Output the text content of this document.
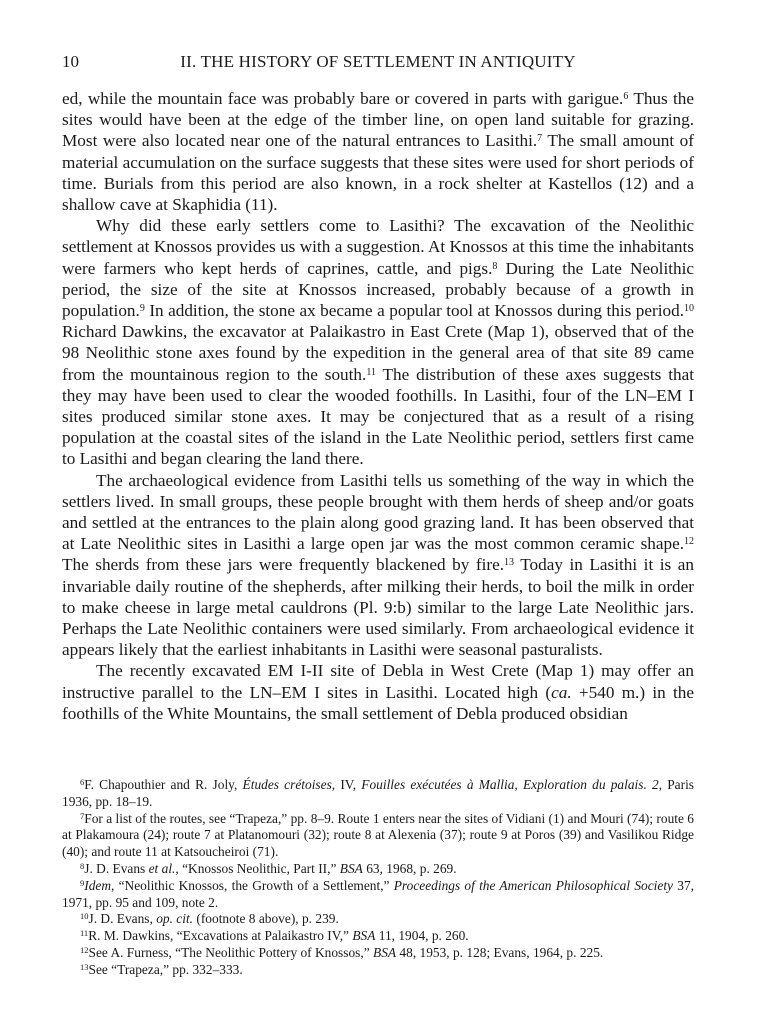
10	II. THE HISTORY OF SETTLEMENT IN ANTIQUITY

ed, while the mountain face was probably bare or covered in parts with garigue.$^6$ Thus the sites would have been at the edge of the timber line, on open land suitable for grazing. Most were also located near one of the natural entrances to Lasithi.$^7$ The small amount of material accumulation on the surface suggests that these sites were used for short periods of time. Burials from this period are also known, in a rock shelter at Kastellos (12) and a shallow cave at Skaphidia (11).

Why did these early settlers come to Lasithi? The excavation of the Neolithic settlement at Knossos provides us with a suggestion. At Knossos at this time the inhabitants were farmers who kept herds of caprines, cattle, and pigs.$^8$ During the Late Neolithic period, the size of the site at Knossos increased, probably because of a growth in population.$^9$ In addition, the stone ax became a popular tool at Knossos during this period.$^{10}$ Richard Dawkins, the excavator at Palaikastro in East Crete (Map 1), observed that of the 98 Neolithic stone axes found by the expedition in the general area of that site 89 came from the mountainous region to the south.$^{11}$ The distribution of these axes suggests that they may have been used to clear the wooded foothills. In Lasithi, four of the LN–EM I sites produced similar stone axes. It may be conjectured that as a result of a rising population at the coastal sites of the island in the Late Neolithic period, settlers first came to Lasithi and began clearing the land there.

The archaeological evidence from Lasithi tells us something of the way in which the settlers lived. In small groups, these people brought with them herds of sheep and/or goats and settled at the entrances to the plain along good grazing land. It has been observed that at Late Neolithic sites in Lasithi a large open jar was the most common ceramic shape.$^{12}$ The sherds from these jars were frequently blackened by fire.$^{13}$ Today in Lasithi it is an invariable daily routine of the shepherds, after milking their herds, to boil the milk in order to make cheese in large metal cauldrons (Pl. 9:b) similar to the large Late Neolithic jars. Perhaps the Late Neolithic containers were used similarly. From archaeological evidence it appears likely that the earliest inhabitants in Lasithi were seasonal pasturalists.

The recently excavated EM I-II site of Debla in West Crete (Map 1) may offer an instructive parallel to the LN–EM I sites in Lasithi. Located high (ca. +540 m.) in the foothills of the White Mountains, the small settlement of Debla produced obsidian

$^6$F. Chapouthier and R. Joly, Études crétoises, IV, Fouilles exécutées à Mallia, Exploration du palais. 2, Paris 1936, pp. 18–19.

$^7$For a list of the routes, see “Trapeza,” pp. 8–9. Route 1 enters near the sites of Vidiani (1) and Mouri (74); route 6 at Plakamoura (24); route 7 at Platanomouri (32); route 8 at Alexenia (37); route 9 at Poros (39) and Vasilikou Ridge (40); and route 11 at Katsoucheiroi (71).

$^8$J. D. Evans et al., “Knossos Neolithic, Part II,” BSA 63, 1968, p. 269.

$^9$Idem, “Neolithic Knossos, the Growth of a Settlement,” Proceedings of the American Philosophical Society 37, 1971, pp. 95 and 109, note 2.

$^{10}$J. D. Evans, op. cit. (footnote 8 above), p. 239.

$^{11}$R. M. Dawkins, “Excavations at Palaikastro IV,” BSA 11, 1904, p. 260.

$^{12}$See A. Furness, “The Neolithic Pottery of Knossos,” BSA 48, 1953, p. 128; Evans, 1964, p. 225.

$^{13}$See “Trapeza,” pp. 332–333.
